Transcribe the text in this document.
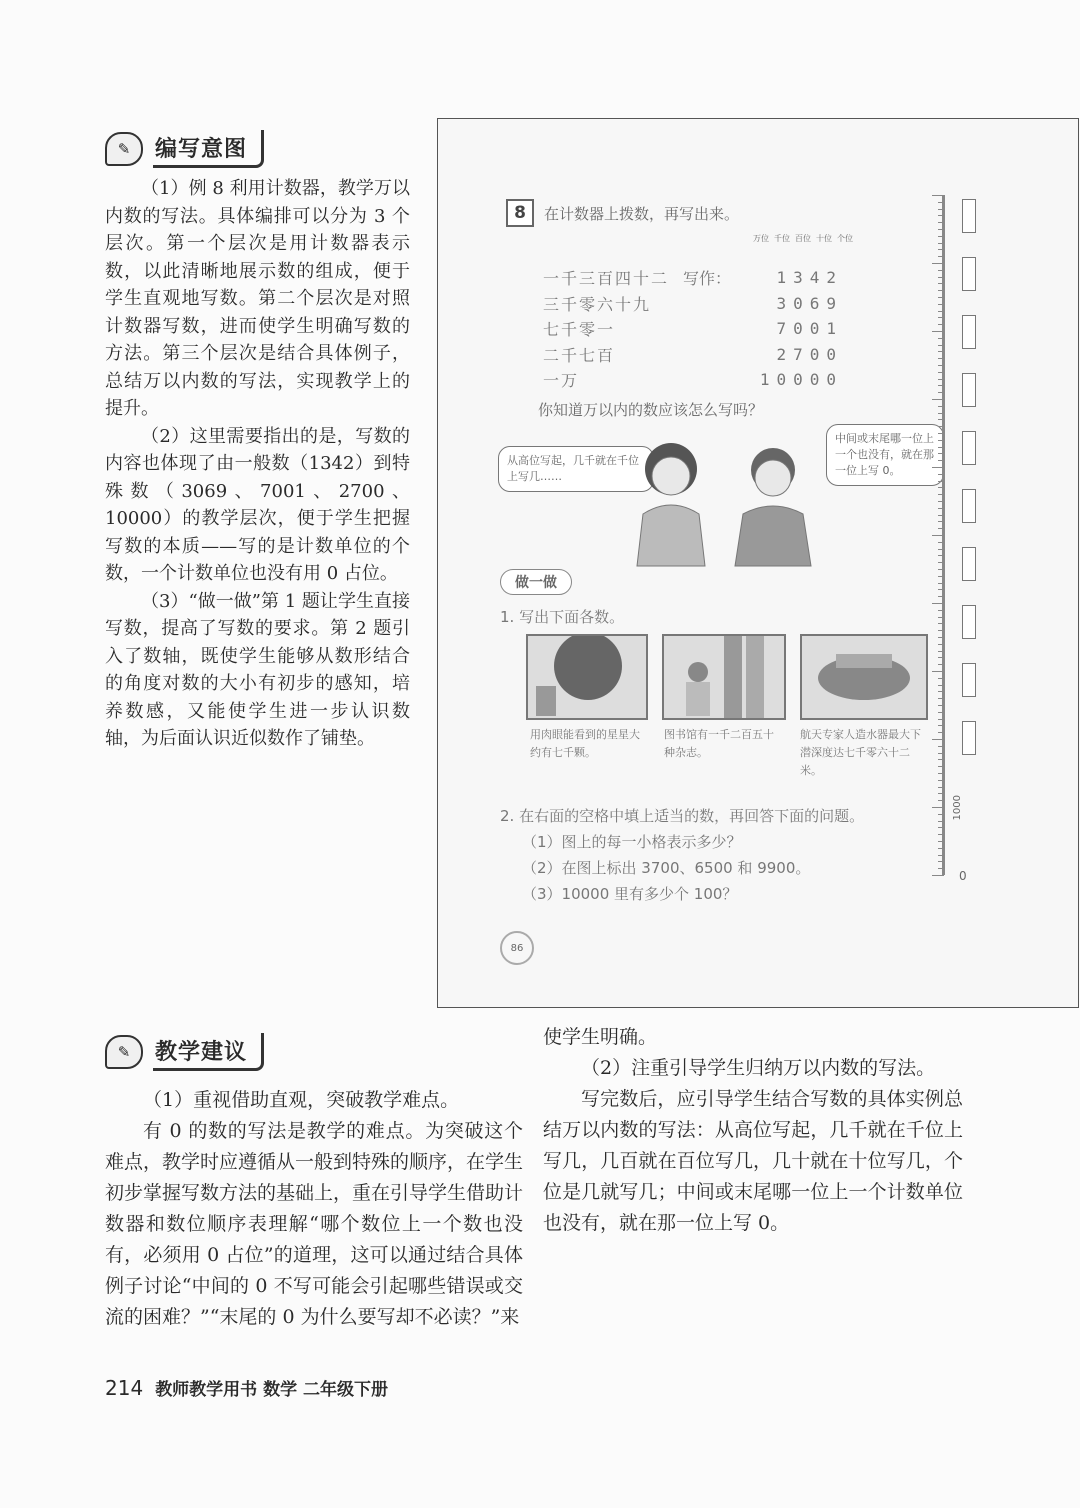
✎	编写意图

（1）例 8 利用计数器，教学万以内数的写法。具体编排可以分为 3 个层次。第一个层次是用计数器表示数，以此清晰地展示数的组成，便于学生直观地写数。第二个层次是对照计数器写数，进而使学生明确写数的方法。第三个层次是结合具体例子，总结万以内数的写法，实现教学上的提升。

（2）这里需要指出的是，写数的内容也体现了由一般数（1342）到特殊数（3069、7001、2700、10000）的教学层次，便于学生把握写数的本质——写的是计数单位的个数，一个计数单位也没有用 0 占位。

（3）“做一做”第 1 题让学生直接写数，提高了写数的要求。第 2 题引入了数轴，既使学生能够从数形结合的角度对数的大小有初步的感知，培养数感，又能使学生进一步认识数轴，为后面认识近似数作了铺垫。

8	在计数器上拨数，再写出来。
万位 千位 百位 十位 个位
一千三百四十二 写作：	1342
三千零六十九	3069
七千零一	7001
二千七百	2700
一万	10000
你知道万以内的数应该怎么写吗？
从高位写起，几千就在千位上写几……
中间或末尾哪一位上一个也没有，就在那一位上写 0。
做一做
1. 写出下面各数。
用肉眼能看到的星星大约有七千颗。
图书馆有一千二百五十种杂志。
航天专家人造水器最大下潜深度达七千零六十二米。
2. 在右面的空格中填上适当的数，再回答下面的问题。
（1）图上的每一小格表示多少？
（2）在图上标出 3700、6500 和 9900。
（3）10000 里有多少个 100？
1000
0
86
✎	教学建议

（1）重视借助直观，突破教学难点。

有 0 的数的写法是教学的难点。为突破这个难点，教学时应遵循从一般到特殊的顺序，在学生初步掌握写数方法的基础上，重在引导学生借助计数器和数位顺序表理解“哪个数位上一个数也没有，必须用 0 占位”的道理，这可以通过结合具体例子讨论“中间的 0 不写可能会引起哪些错误或交流的困难？”“末尾的 0 为什么要写却不必读？”来

使学生明确。

（2）注重引导学生归纳万以内数的写法。

写完数后，应引导学生结合写数的具体实例总结万以内数的写法：从高位写起，几千就在千位上写几，几百就在百位写几，几十就在十位写几，个位是几就写几；中间或末尾哪一位上一个计数单位也没有，就在那一位上写 0。

214 教师教学用书 数学 二年级下册
